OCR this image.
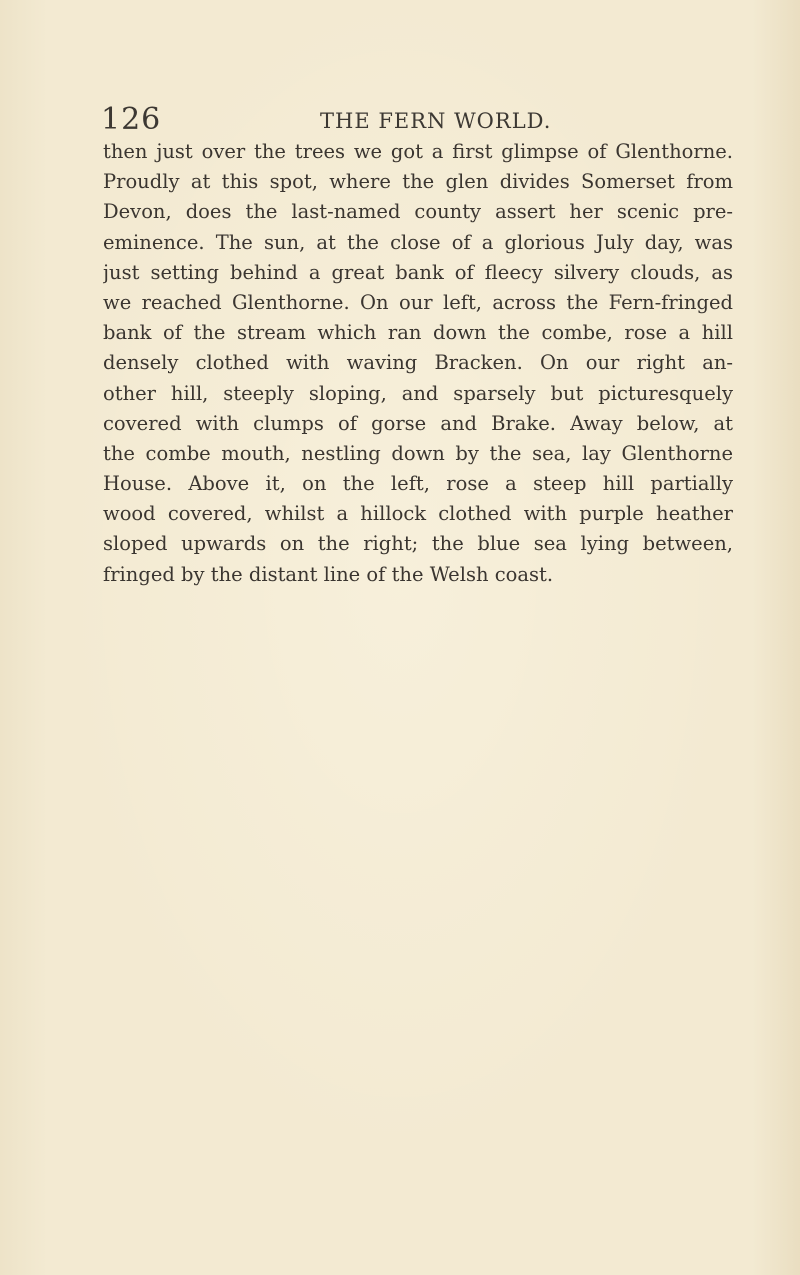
126	THE FERN WORLD.
then just over the trees we got a first glimpse of Glenthorne.
Proudly at this spot, where the glen divides Somerset from
Devon, does the last-named county assert her scenic pre-
eminence. The sun, at the close of a glorious July day, was
just setting behind a great bank of fleecy silvery clouds, as
we reached Glenthorne. On our left, across the Fern-fringed
bank of the stream which ran down the combe, rose a hill
densely clothed with waving Bracken. On our right an-
other hill, steeply sloping, and sparsely but picturesquely
covered with clumps of gorse and Brake. Away below, at
the combe mouth, nestling down by the sea, lay Glenthorne
House. Above it, on the left, rose a steep hill partially
wood covered, whilst a hillock clothed with purple heather
sloped upwards on the right; the blue sea lying between,
fringed by the distant line of the Welsh coast.
